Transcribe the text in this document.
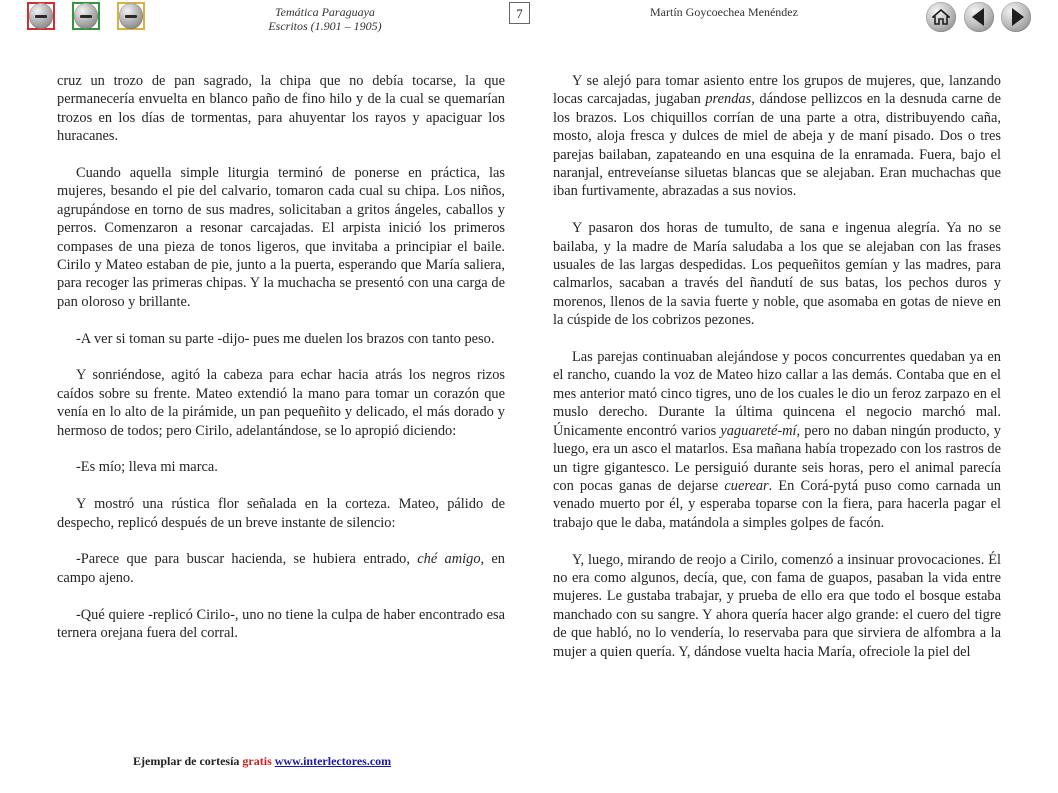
Temática Paraguaya
Escritos (1.901 – 1905)
7	Martín Goycoechea Menéndez

cruz un trozo de pan sagrado, la chipa que no debía tocarse, la que permanecería envuelta en blanco paño de fino hilo y de la cual se quemarían trozos en los días de tormentas, para ahuyentar los rayos y apaciguar los huracanes.

Cuando aquella simple liturgia terminó de ponerse en práctica, las mujeres, besando el pie del calvario, tomaron cada cual su chipa. Los niños, agrupándose en torno de sus madres, solicitaban a gritos ángeles, caballos y perros. Comenzaron a resonar carcajadas. El arpista inició los primeros compases de una pieza de tonos ligeros, que invitaba a principiar el baile. Cirilo y Mateo estaban de pie, junto a la puerta, esperando que María saliera, para recoger las primeras chipas. Y la muchacha se presentó con una carga de pan oloroso y brillante.

-A ver si toman su parte -dijo- pues me duelen los brazos con tanto peso.

Y sonriéndose, agitó la cabeza para echar hacia atrás los negros rizos caídos sobre su frente. Mateo extendió la mano para tomar un corazón que venía en lo alto de la pirámide, un pan pequeñito y delicado, el más dorado y hermoso de todos; pero Cirilo, adelantándose, se lo apropió diciendo:

-Es mío; lleva mi marca.

Y mostró una rústica flor señalada en la corteza. Mateo, pálido de despecho, replicó después de un breve instante de silencio:

-Parece que para buscar hacienda, se hubiera entrado, ché amigo, en campo ajeno.

-Qué quiere -replicó Cirilo-, uno no tiene la culpa de haber encontrado esa ternera orejana fuera del corral.

Y se alejó para tomar asiento entre los grupos de mujeres, que, lanzando locas carcajadas, jugaban prendas, dándose pellizcos en la desnuda carne de los brazos. Los chiquillos corrían de una parte a otra, distribuyendo caña, mosto, aloja fresca y dulces de miel de abeja y de maní pisado. Dos o tres parejas bailaban, zapateando en una esquina de la enramada. Fuera, bajo el naranjal, entreveíanse siluetas blancas que se alejaban. Eran muchachas que iban furtivamente, abrazadas a sus novios.

Y pasaron dos horas de tumulto, de sana e ingenua alegría. Ya no se bailaba, y la madre de María saludaba a los que se alejaban con las frases usuales de las largas despedidas. Los pequeñitos gemían y las madres, para calmarlos, sacaban a través del ñandutí de sus batas, los pechos duros y morenos, llenos de la savia fuerte y noble, que asomaba en gotas de nieve en la cúspide de los cobrizos pezones.

Las parejas continuaban alejándose y pocos concurrentes quedaban ya en el rancho, cuando la voz de Mateo hizo callar a las demás. Contaba que en el mes anterior mató cinco tigres, uno de los cuales le dio un feroz zarpazo en el muslo derecho. Durante la última quincena el negocio marchó mal. Únicamente encontró varios yaguareté-mí, pero no daban ningún producto, y luego, era un asco el matarlos. Esa mañana había tropezado con los rastros de un tigre gigantesco. Le persiguió durante seis horas, pero el animal parecía con pocas ganas de dejarse cuerear. En Corá-pytá puso como carnada un venado muerto por él, y esperaba toparse con la fiera, para hacerla pagar el trabajo que le daba, matándola a simples golpes de facón.

Y, luego, mirando de reojo a Cirilo, comenzó a insinuar provocaciones. Él no era como algunos, decía, que, con fama de guapos, pasaban la vida entre mujeres. Le gustaba trabajar, y prueba de ello era que todo el bosque estaba manchado con su sangre. Y ahora quería hacer algo grande: el cuero del tigre de que habló, no lo vendería, lo reservaba para que sirviera de alfombra a la mujer a quien quería. Y, dándose vuelta hacia María, ofreciole la piel del

Ejemplar de cortesía gratis www.interlectores.com
